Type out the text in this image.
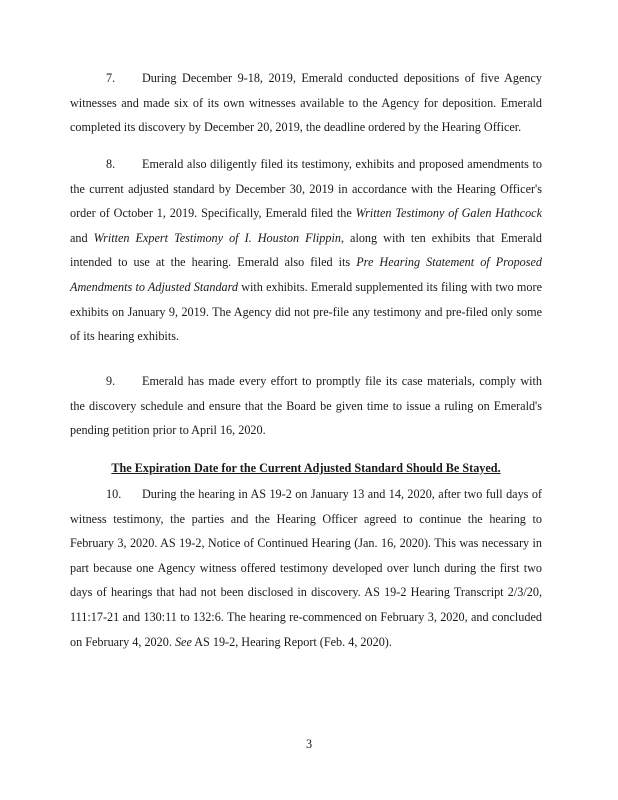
7. During December 9-18, 2019, Emerald conducted depositions of five Agency witnesses and made six of its own witnesses available to the Agency for deposition. Emerald completed its discovery by December 20, 2019, the deadline ordered by the Hearing Officer.

8. Emerald also diligently filed its testimony, exhibits and proposed amendments to the current adjusted standard by December 30, 2019 in accordance with the Hearing Officer's order of October 1, 2019. Specifically, Emerald filed the Written Testimony of Galen Hathcock and Written Expert Testimony of I. Houston Flippin, along with ten exhibits that Emerald intended to use at the hearing. Emerald also filed its Pre Hearing Statement of Proposed Amendments to Adjusted Standard with exhibits. Emerald supplemented its filing with two more exhibits on January 9, 2019. The Agency did not pre-file any testimony and pre-filed only some of its hearing exhibits.

9. Emerald has made every effort to promptly file its case materials, comply with the discovery schedule and ensure that the Board be given time to issue a ruling on Emerald's pending petition prior to April 16, 2020.

The Expiration Date for the Current Adjusted Standard Should Be Stayed.

10. During the hearing in AS 19-2 on January 13 and 14, 2020, after two full days of witness testimony, the parties and the Hearing Officer agreed to continue the hearing to February 3, 2020. AS 19-2, Notice of Continued Hearing (Jan. 16, 2020). This was necessary in part because one Agency witness offered testimony developed over lunch during the first two days of hearings that had not been disclosed in discovery. AS 19-2 Hearing Transcript 2/3/20, 111:17-21 and 130:11 to 132:6. The hearing re-commenced on February 3, 2020, and concluded on February 4, 2020. See AS 19-2, Hearing Report (Feb. 4, 2020).

3
